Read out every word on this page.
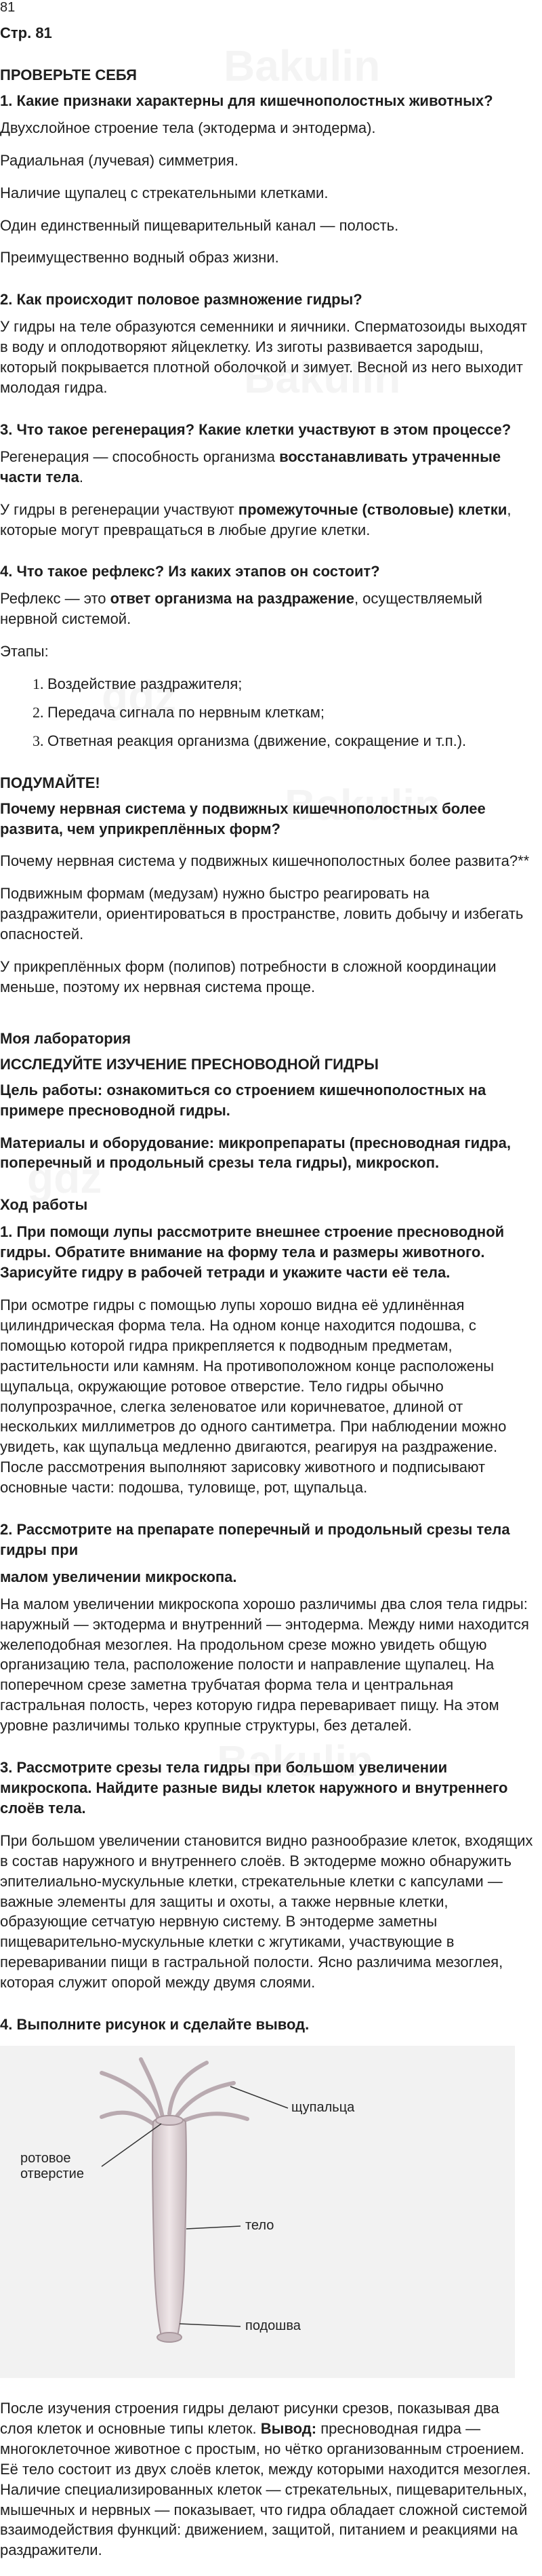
81
Стр. 81
ПРОВЕРЬТЕ СЕБЯ
1. Какие признаки характерны для кишечнополостных животных?

Двухслойное строение тела (эктодерма и энтодерма).

Радиальная (лучевая) симметрия.

Наличие щупалец с стрекательными клетками.

Один единственный пищеварительный канал — полость.

Преимущественно водный образ жизни.

2. Как происходит половое размножение гидры?

У гидры на теле образуются семенники и яичники. Сперматозоиды выходят в воду и оплодотворяют яйцеклетку. Из зиготы развивается зародыш, который покрывается плотной оболочкой и зимует. Весной из него выходит молодая гидра.

3. Что такое регенерация? Какие клетки участвуют в этом процессе?

Регенерация — способность организма восстанавливать утраченные части тела.

У гидры в регенерации участвуют промежуточные (стволовые) клетки, которые могут превращаться в любые другие клетки.

4. Что такое рефлекс? Из каких этапов он состоит?

Рефлекс — это ответ организма на раздражение, осуществляемый нервной системой.

Этапы:

1. Воздействие раздражителя;
2. Передача сигнала по нервным клеткам;
3. Ответная реакция организма (движение, сокращение и т.п.).
ПОДУМАЙТЕ!

Почему нервная система у подвижных кишечнополостных более развита, чем уприкреплённых форм?

Почему нервная система у подвижных кишечнополостных более развита?**

Подвижным формам (медузам) нужно быстро реагировать на раздражители, ориентироваться в пространстве, ловить добычу и избегать опасностей.

У прикреплённых форм (полипов) потребности в сложной координации меньше, поэтому их нервная система проще.

Моя лаборатория
ИССЛЕДУЙТЕ ИЗУЧЕНИЕ ПРЕСНОВОДНОЙ ГИДРЫ

Цель работы: ознакомиться со строением кишечнополостных на примере пресноводной гидры.

Материалы и оборудование: микропрепараты (пресноводная гидра, поперечный и продольный срезы тела гидры), микроскоп.

Ход работы

1. При помощи лупы рассмотрите внешнее строение пресноводной гидры. Обратите внимание на форму тела и размеры животного. Зарисуйте гидру в рабочей тетради и укажите части её тела.

При осмотре гидры с помощью лупы хорошо видна её удлинённая цилиндрическая форма тела. На одном конце находится подошва, с помощью которой гидра прикрепляется к подводным предметам, растительности или камням. На противоположном конце расположены щупальца, окружающие ротовое отверстие. Тело гидры обычно полупрозрачное, слегка зеленоватое или коричневатое, длиной от нескольких миллиметров до одного сантиметра. При наблюдении можно увидеть, как щупальца медленно двигаются, реагируя на раздражение. После рассмотрения выполняют зарисовку животного и подписывают основные части: подошва, туловище, рот, щупальца.

2. Рассмотрите на препарате поперечный и продольный срезы тела гидры при
малом увеличении микроскопа.

На малом увеличении микроскопа хорошо различимы два слоя тела гидры: наружный — эктодерма и внутренний — энтодерма. Между ними находится желеподобная мезоглея. На продольном срезе можно увидеть общую организацию тела, расположение полости и направление щупалец. На поперечном срезе заметна трубчатая форма тела и центральная гастральная полость, через которую гидра переваривает пищу. На этом уровне различимы только крупные структуры, без деталей.

3. Рассмотрите срезы тела гидры при большом увеличении микроскопа. Найдите разные виды клеток наружного и внутреннего слоёв тела.

При большом увеличении становится видно разнообразие клеток, входящих в состав наружного и внутреннего слоёв. В эктодерме можно обнаружить эпителиально-мускульные клетки, стрекательные клетки с капсулами — важные элементы для защиты и охоты, а также нервные клетки, образующие сетчатую нервную систему. В энтодерме заметны пищеварительно-мускульные клетки с жгутиками, участвующие в переваривании пищи в гастральной полости. Ясно различима мезоглея, которая служит опорой между двумя слоями.

4. Выполните рисунок и сделайте вывод.
щупальца
ротовое
отверстие
тело
подошва

После изучения строения гидры делают рисунки срезов, показывая два слоя клеток и основные типы клеток. Вывод: пресноводная гидра — многоклеточное животное с простым, но чётко организованным строением. Её тело состоит из двух слоёв клеток, между которыми находится мезоглея. Наличие специализированных клеток — стрекательных, пищеварительных, мышечных и нервных — показывает, что гидра обладает сложной системой взаимодействия функций: движением, защитой, питанием и реакциями на раздражители.
